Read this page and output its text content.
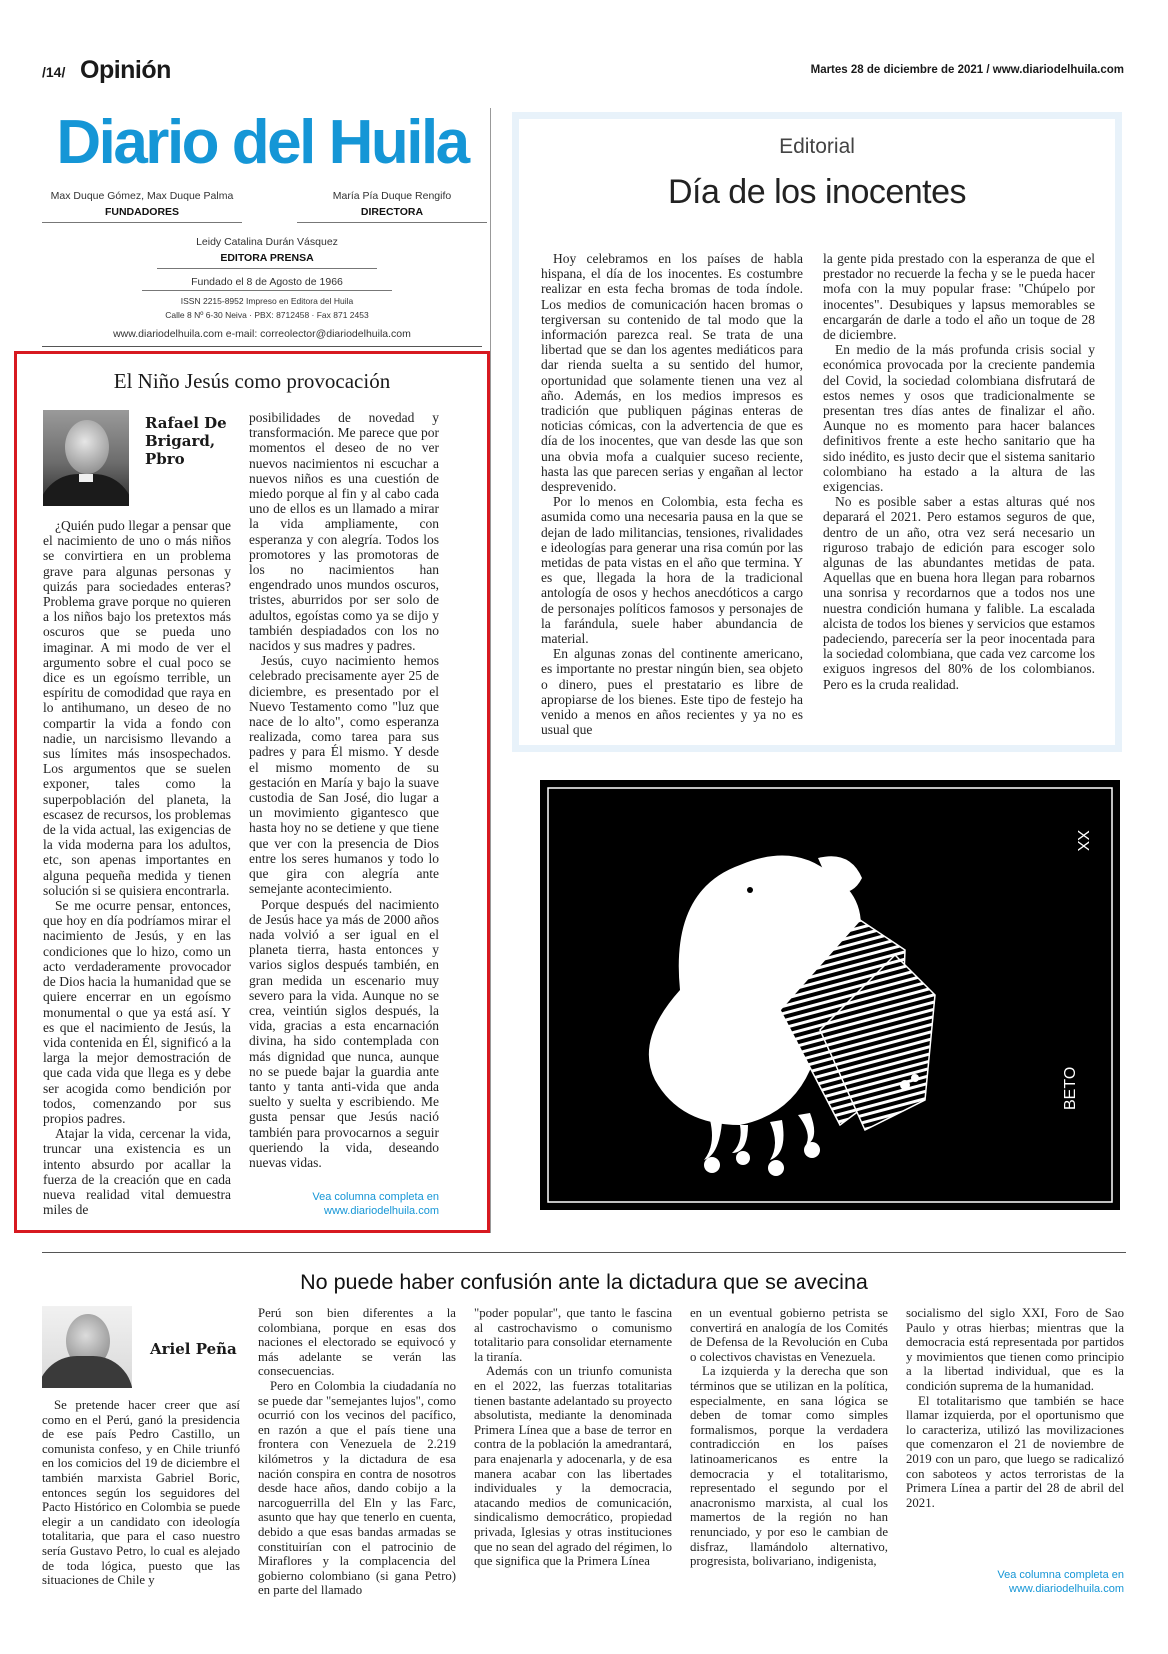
/14/ Opinión	Martes 28 de diciembre de 2021 / www.diariodelhuila.com
Diario del Huila
Max Duque Gómez, Max Duque Palma
FUNDADORES
María Pía Duque Rengifo
DIRECTORA
Leidy Catalina Durán Vásquez
EDITORA PRENSA
Fundado el 8 de Agosto de 1966
ISSN 2215-8952 Impreso en Editora del Huila
Calle 8 Nº 6-30 Neiva · PBX: 8712458 · Fax 871 2453
www.diariodelhuila.com e-mail: correolector@diariodelhuila.com
El Niño Jesús como provocación
Rafael De Brigard, Pbro

¿Quién pudo llegar a pensar que el nacimiento de uno o más niños se convirtiera en un problema grave para algunas personas y quizás para sociedades enteras? Problema grave porque no quieren a los niños bajo los pretextos más oscuros que se pueda uno imaginar. A mi modo de ver el argumento sobre el cual poco se dice es un egoísmo terrible, un espíritu de comodidad que raya en lo antihumano, un deseo de no compartir la vida a fondo con nadie, un narcisismo llevando a sus límites más insospechados. Los argumentos que se suelen exponer, tales como la superpoblación del planeta, la escasez de recursos, los problemas de la vida actual, las exigencias de la vida moderna para los adultos, etc, son apenas importantes en alguna pequeña medida y tienen solución si se quisiera encontrarla.

Se me ocurre pensar, entonces, que hoy en día podríamos mirar el nacimiento de Jesús, y en las condiciones que lo hizo, como un acto verdaderamente provocador de Dios hacia la humanidad que se quiere encerrar en un egoísmo monumental o que ya está así. Y es que el nacimiento de Jesús, la vida contenida en Él, significó a la larga la mejor demostración de que cada vida que llega es y debe ser acogida como bendición por todos, comenzando por sus propios padres.

Atajar la vida, cercenar la vida, truncar una existencia es un intento absurdo por acallar la fuerza de la creación que en cada nueva realidad vital demuestra miles de

posibilidades de novedad y transformación. Me parece que por momentos el deseo de no ver nuevos nacimientos ni escuchar a nuevos niños es una cuestión de miedo porque al fin y al cabo cada uno de ellos es un llamado a mirar la vida ampliamente, con esperanza y con alegría. Todos los promotores y las promotoras de los no nacimientos han engendrado unos mundos oscuros, tristes, aburridos por ser solo de adultos, egoístas como ya se dijo y también despiadados con los no nacidos y sus madres y padres.

Jesús, cuyo nacimiento hemos celebrado precisamente ayer 25 de diciembre, es presentado por el Nuevo Testamento como "luz que nace de lo alto", como esperanza realizada, como tarea para sus padres y para Él mismo. Y desde el mismo momento de su gestación en María y bajo la suave custodia de San José, dio lugar a un movimiento gigantesco que hasta hoy no se detiene y que tiene que ver con la presencia de Dios entre los seres humanos y todo lo que gira con alegría ante semejante acontecimiento.

Porque después del nacimiento de Jesús hace ya más de 2000 años nada volvió a ser igual en el planeta tierra, hasta entonces y varios siglos después también, en gran medida un escenario muy severo para la vida. Aunque no se crea, veintiún siglos después, la vida, gracias a esta encarnación divina, ha sido contemplada con más dignidad que nunca, aunque no se puede bajar la guardia ante tanto y tanta anti-vida que anda suelto y suelta y escribiendo. Me gusta pensar que Jesús nació también para provocarnos a seguir queriendo la vida, deseando nuevas vidas.

Vea columna completa en
www.diariodelhuila.com
Editorial
Día de los inocentes

Hoy celebramos en los países de habla hispana, el día de los inocentes. Es costumbre realizar en esta fecha bromas de toda índole. Los medios de comunicación hacen bromas o tergiversan su contenido de tal modo que la información parezca real. Se trata de una libertad que se dan los agentes mediáticos para dar rienda suelta a su sentido del humor, oportunidad que solamente tienen una vez al año. Además, en los medios impresos es tradición que publiquen páginas enteras de noticias cómicas, con la advertencia de que es día de los inocentes, que van desde las que son una obvia mofa a cualquier suceso reciente, hasta las que parecen serias y engañan al lector desprevenido.

Por lo menos en Colombia, esta fecha es asumida como una necesaria pausa en la que se dejan de lado militancias, tensiones, rivalidades e ideologías para generar una risa común por las metidas de pata vistas en el año que termina. Y es que, llegada la hora de la tradicional antología de osos y hechos anecdóticos a cargo de personajes políticos famosos y personajes de la farándula, suele haber abundancia de material.

En algunas zonas del continente americano, es importante no prestar ningún bien, sea objeto o dinero, pues el prestatario es libre de apropiarse de los bienes. Este tipo de festejo ha venido a menos en años recientes y ya no es usual que

la gente pida prestado con la esperanza de que el prestador no recuerde la fecha y se le pueda hacer mofa con la muy popular frase: "Chúpelo por inocentes". Desubiques y lapsus memorables se encargarán de darle a todo el año un toque de 28 de diciembre.

En medio de la más profunda crisis social y económica provocada por la creciente pandemia del Covid, la sociedad colombiana disfrutará de estos nemes y osos que tradicionalmente se presentan tres días antes de finalizar el año. Aunque no es momento para hacer balances definitivos frente a este hecho sanitario que ha sido inédito, es justo decir que el sistema sanitario colombiano ha estado a la altura de las exigencias.

No es posible saber a estas alturas qué nos deparará el 2021. Pero estamos seguros de que, dentro de un año, otra vez será necesario un riguroso trabajo de edición para escoger solo algunas de las abundantes metidas de pata. Aquellas que en buena hora llegan para robarnos una sonrisa y recordarnos que a todos nos une nuestra condición humana y falible. La escalada alcista de todos los bienes y servicios que estamos padeciendo, parecería ser la peor inocentada para la sociedad colombiana, que cada vez carcome los exiguos ingresos del 80% de los colombianos. Pero es la cruda realidad.

XX
BETO
No puede haber confusión ante la dictadura que se avecina
Ariel Peña

Se pretende hacer creer que así como en el Perú, ganó la presidencia de ese país Pedro Castillo, un comunista confeso, y en Chile triunfó en los comicios del 19 de diciembre el también marxista Gabriel Boric, entonces según los seguidores del Pacto Histórico en Colombia se puede elegir a un candidato con ideología totalitaria, que para el caso nuestro sería Gustavo Petro, lo cual es alejado de toda lógica, puesto que las situaciones de Chile y

Perú son bien diferentes a la colombiana, porque en esas dos naciones el electorado se equivocó y más adelante se verán las consecuencias.

Pero en Colombia la ciudadanía no se puede dar "semejantes lujos", como ocurrió con los vecinos del pacífico, en razón a que el país tiene una frontera con Venezuela de 2.219 kilómetros y la dictadura de esa nación conspira en contra de nosotros desde hace años, dando cobijo a la narcoguerrilla del Eln y las Farc, asunto que hay que tenerlo en cuenta, debido a que esas bandas armadas se constituirían con el patrocinio de Miraflores y la complacencia del gobierno colombiano (si gana Petro) en parte del llamado

"poder popular", que tanto le fascina al castrochavismo o comunismo totalitario para consolidar eternamente la tiranía.

Además con un triunfo comunista en el 2022, las fuerzas totalitarias tienen bastante adelantado su proyecto absolutista, mediante la denominada Primera Línea que a base de terror en contra de la población la amedrantará, para enajenarla y adocenarla, y de esa manera acabar con las libertades individuales y la democracia, atacando medios de comunicación, sindicalismo democrático, propiedad privada, Iglesias y otras instituciones que no sean del agrado del régimen, lo que significa que la Primera Línea

en un eventual gobierno petrista se convertirá en analogía de los Comités de Defensa de la Revolución en Cuba o colectivos chavistas en Venezuela.

La izquierda y la derecha que son términos que se utilizan en la política, especialmente, en sana lógica se deben de tomar como simples formalismos, porque la verdadera contradicción en los países latinoamericanos es entre la democracia y el totalitarismo, representado el segundo por el anacronismo marxista, al cual los mamertos de la región no han renunciado, y por eso le cambian de disfraz, llamándolo alternativo, progresista, bolivariano, indigenista,

socialismo del siglo XXI, Foro de Sao Paulo y otras hierbas; mientras que la democracia está representada por partidos y movimientos que tienen como principio a la libertad individual, que es la condición suprema de la humanidad.

El totalitarismo que también se hace llamar izquierda, por el oportunismo que lo caracteriza, utilizó las movilizaciones que comenzaron el 21 de noviembre de 2019 con un paro, que luego se radicalizó con saboteos y actos terroristas de la Primera Línea a partir del 28 de abril del 2021.

Vea columna completa en
www.diariodelhuila.com
